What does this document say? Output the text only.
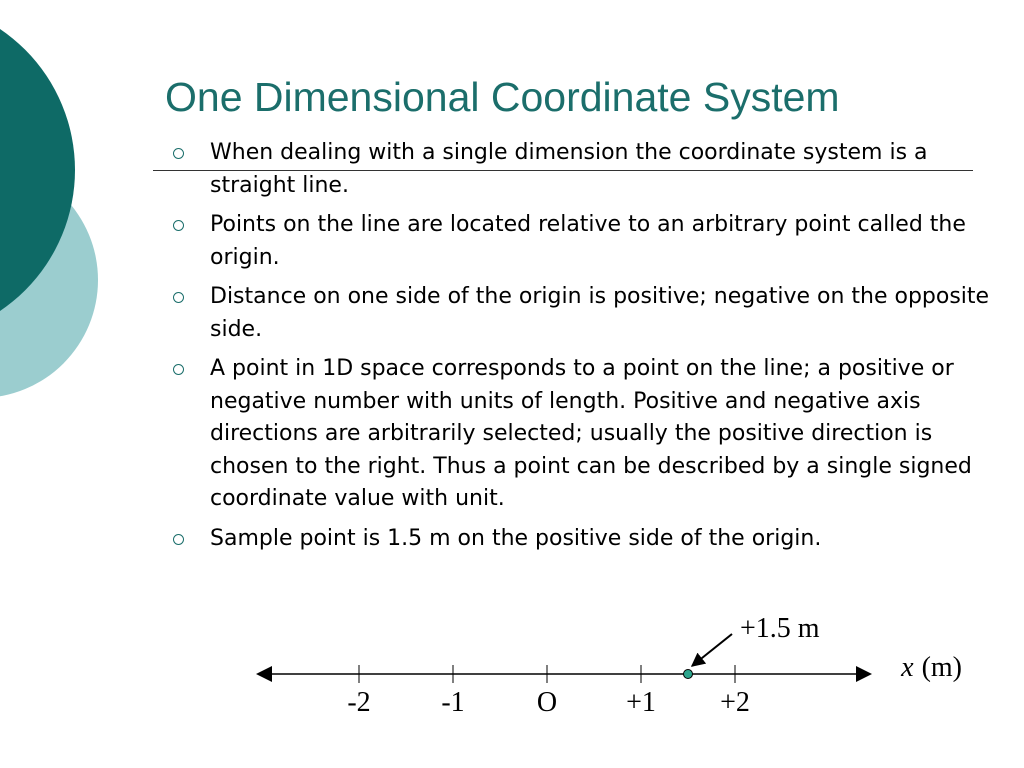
One Dimensional Coordinate System
When dealing with a single dimension the coordinate system is a straight line.
Points on the line are located relative to an arbitrary point called the origin.
Distance on one side of the origin is positive; negative on the opposite side.
A point in 1D space corresponds to a point on the line; a positive or negative number with units of length. Positive and negative axis directions are arbitrarily selected; usually the positive direction is chosen to the right. Thus a point can be described by a single signed coordinate value with unit.
Sample point is 1.5 m on the positive side of the origin.
-2	-1	O +1 +2
+1.5 m
x (m)
